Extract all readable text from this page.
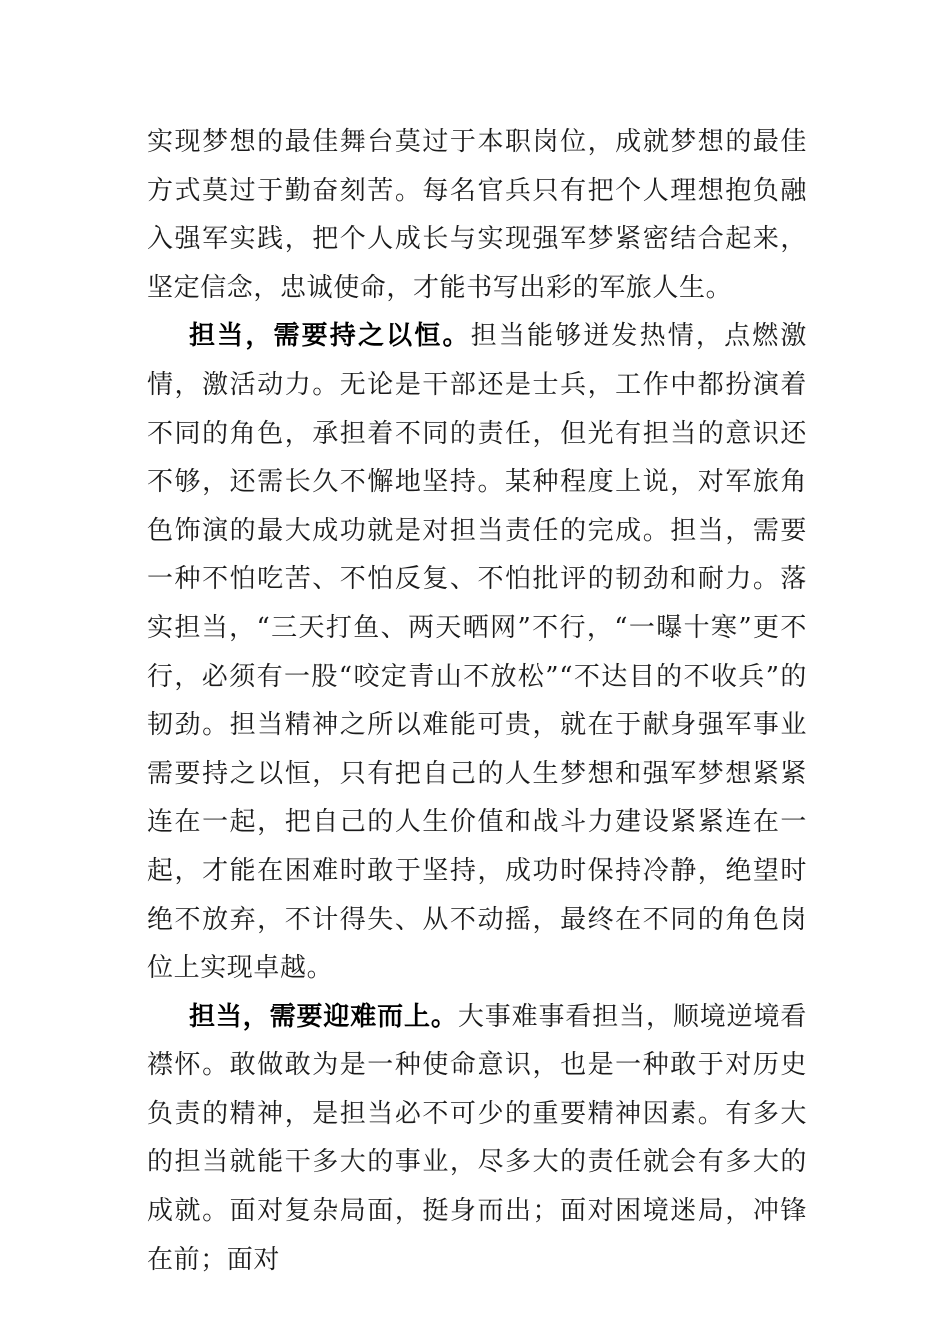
实现梦想的最佳舞台莫过于本职岗位，成就梦想的最佳方式莫过于勤奋刻苦。每名官兵只有把个人理想抱负融入强军实践，把个人成长与实现强军梦紧密结合起来，坚定信念，忠诚使命，才能书写出彩的军旅人生。

担当，需要持之以恒。担当能够迸发热情，点燃激情，激活动力。无论是干部还是士兵，工作中都扮演着不同的角色，承担着不同的责任，但光有担当的意识还不够，还需长久不懈地坚持。某种程度上说，对军旅角色饰演的最大成功就是对担当责任的完成。担当，需要一种不怕吃苦、不怕反复、不怕批评的韧劲和耐力。落实担当，“三天打鱼、两天晒网”不行，“一曝十寒”更不行，必须有一股“咬定青山不放松”“不达目的不收兵”的韧劲。担当精神之所以难能可贵，就在于献身强军事业需要持之以恒，只有把自己的人生梦想和强军梦想紧紧连在一起，把自己的人生价值和战斗力建设紧紧连在一起，才能在困难时敢于坚持，成功时保持冷静，绝望时绝不放弃，不计得失、从不动摇，最终在不同的角色岗位上实现卓越。

担当，需要迎难而上。大事难事看担当，顺境逆境看襟怀。敢做敢为是一种使命意识，也是一种敢于对历史负责的精神，是担当必不可少的重要精神因素。有多大的担当就能干多大的事业，尽多大的责任就会有多大的成就。面对复杂局面，挺身而出；面对困境迷局，冲锋在前；面对
